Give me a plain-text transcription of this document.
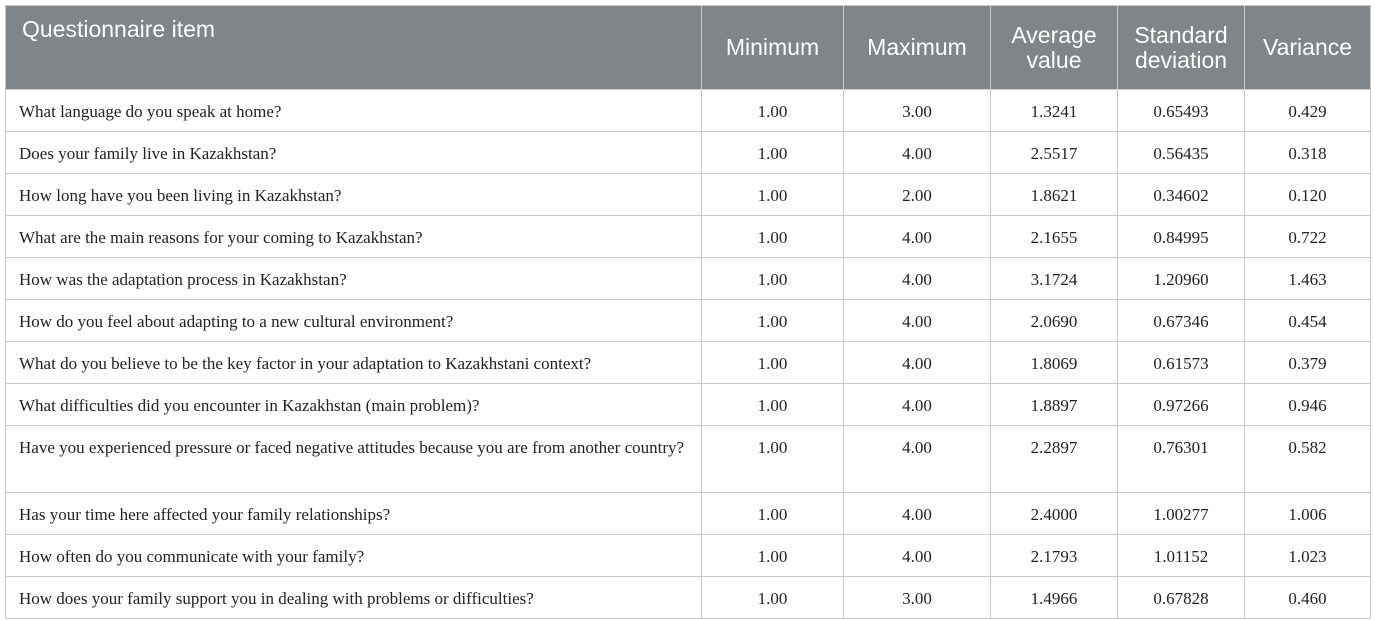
Questionnaire item	Minimum	Maximum	Average value	Standard deviation	Variance
What language do you speak at home?	1.00	3.00	1.3241	0.65493	0.429
Does your family live in Kazakhstan?	1.00	4.00	2.5517	0.56435	0.318
How long have you been living in Kazakhstan?	1.00	2.00	1.8621	0.34602	0.120
What are the main reasons for your coming to Kazakhstan?	1.00	4.00	2.1655	0.84995	0.722
How was the adaptation process in Kazakhstan?	1.00	4.00	3.1724	1.20960	1.463
How do you feel about adapting to a new cultural environment?	1.00	4.00	2.0690	0.67346	0.454
What do you believe to be the key factor in your adaptation to Kazakhstani context?	1.00	4.00	1.8069	0.61573	0.379
What difficulties did you encounter in Kazakhstan (main problem)?	1.00	4.00	1.8897	0.97266	0.946
Have you experienced pressure or faced negative attitudes because you are from another country?	1.00	4.00	2.2897	0.76301	0.582
Has your time here affected your family relationships?	1.00	4.00	2.4000	1.00277	1.006
How often do you communicate with your family?	1.00	4.00	2.1793	1.01152	1.023
How does your family support you in dealing with problems or difficulties?	1.00	3.00	1.4966	0.67828	0.460
